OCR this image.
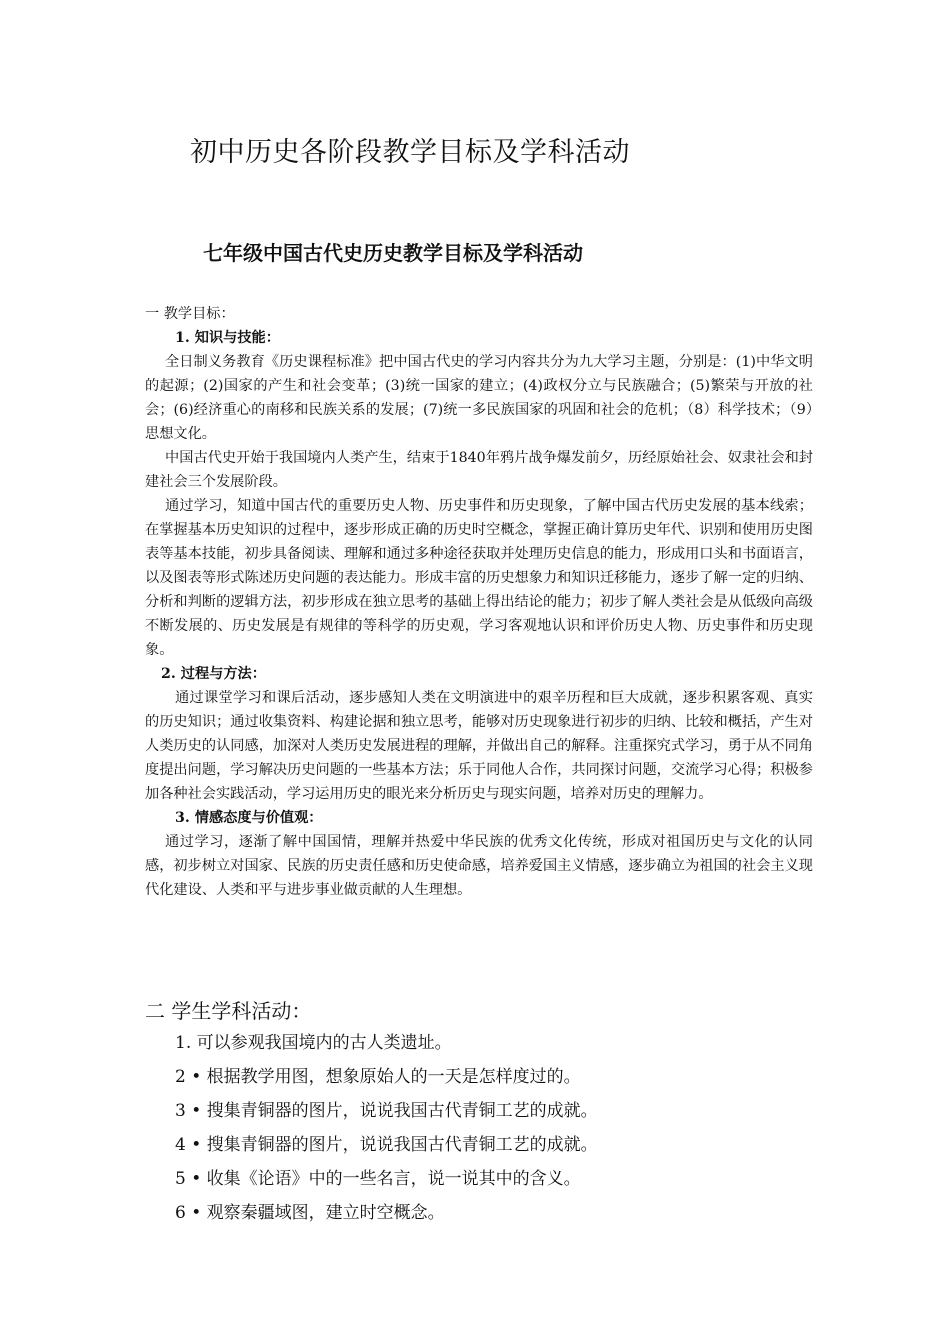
初中历史各阶段教学目标及学科活动
七年级中国古代史历史教学目标及学科活动
一 教学目标：
1. 知识与技能：

全日制义务教育《历史课程标准》把中国古代史的学习内容共分为九大学习主题，分别是：(1)中华文明的起源；(2)国家的产生和社会变革；(3)统一国家的建立；(4)政权分立与民族融合；(5)繁荣与开放的社会；(6)经济重心的南移和民族关系的发展；(7)统一多民族国家的巩固和社会的危机；（8）科学技术；（9）思想文化。

中国古代史开始于我国境内人类产生，结束于1840年鸦片战争爆发前夕，历经原始社会、奴隶社会和封建社会三个发展阶段。

通过学习，知道中国古代的重要历史人物、历史事件和历史现象，了解中国古代历史发展的基本线索；在掌握基本历史知识的过程中，逐步形成正确的历史时空概念，掌握正确计算历史年代、识别和使用历史图表等基本技能，初步具备阅读、理解和通过多种途径获取并处理历史信息的能力，形成用口头和书面语言，以及图表等形式陈述历史问题的表达能力。形成丰富的历史想象力和知识迁移能力，逐步了解一定的归纳、分析和判断的逻辑方法，初步形成在独立思考的基础上得出结论的能力；初步了解人类社会是从低级向高级不断发展的、历史发展是有规律的等科学的历史观，学习客观地认识和评价历史人物、历史事件和历史现象。

2. 过程与方法：

通过课堂学习和课后活动，逐步感知人类在文明演进中的艰辛历程和巨大成就，逐步积累客观、真实的历史知识；通过收集资料、构建论据和独立思考，能够对历史现象进行初步的归纳、比较和概括，产生对人类历史的认同感，加深对人类历史发展进程的理解，并做出自己的解释。注重探究式学习，勇于从不同角度提出问题，学习解决历史问题的一些基本方法；乐于同他人合作，共同探讨问题，交流学习心得；积极参加各种社会实践活动，学习运用历史的眼光来分析历史与现实问题，培养对历史的理解力。

3. 情感态度与价值观：

通过学习，逐渐了解中国国情，理解并热爱中华民族的优秀文化传统，形成对祖国历史与文化的认同感，初步树立对国家、民族的历史责任感和历史使命感，培养爱国主义情感，逐步确立为祖国的社会主义现代化建设、人类和平与进步事业做贡献的人生理想。

二 学生学科活动：
1. 可以参观我国境内的古人类遗址。
2 • 根据教学用图，想象原始人的一天是怎样度过的。
3 • 搜集青铜器的图片，说说我国古代青铜工艺的成就。
4 • 搜集青铜器的图片，说说我国古代青铜工艺的成就。
5 • 收集《论语》中的一些名言，说一说其中的含义。
6 • 观察秦疆域图，建立时空概念。
